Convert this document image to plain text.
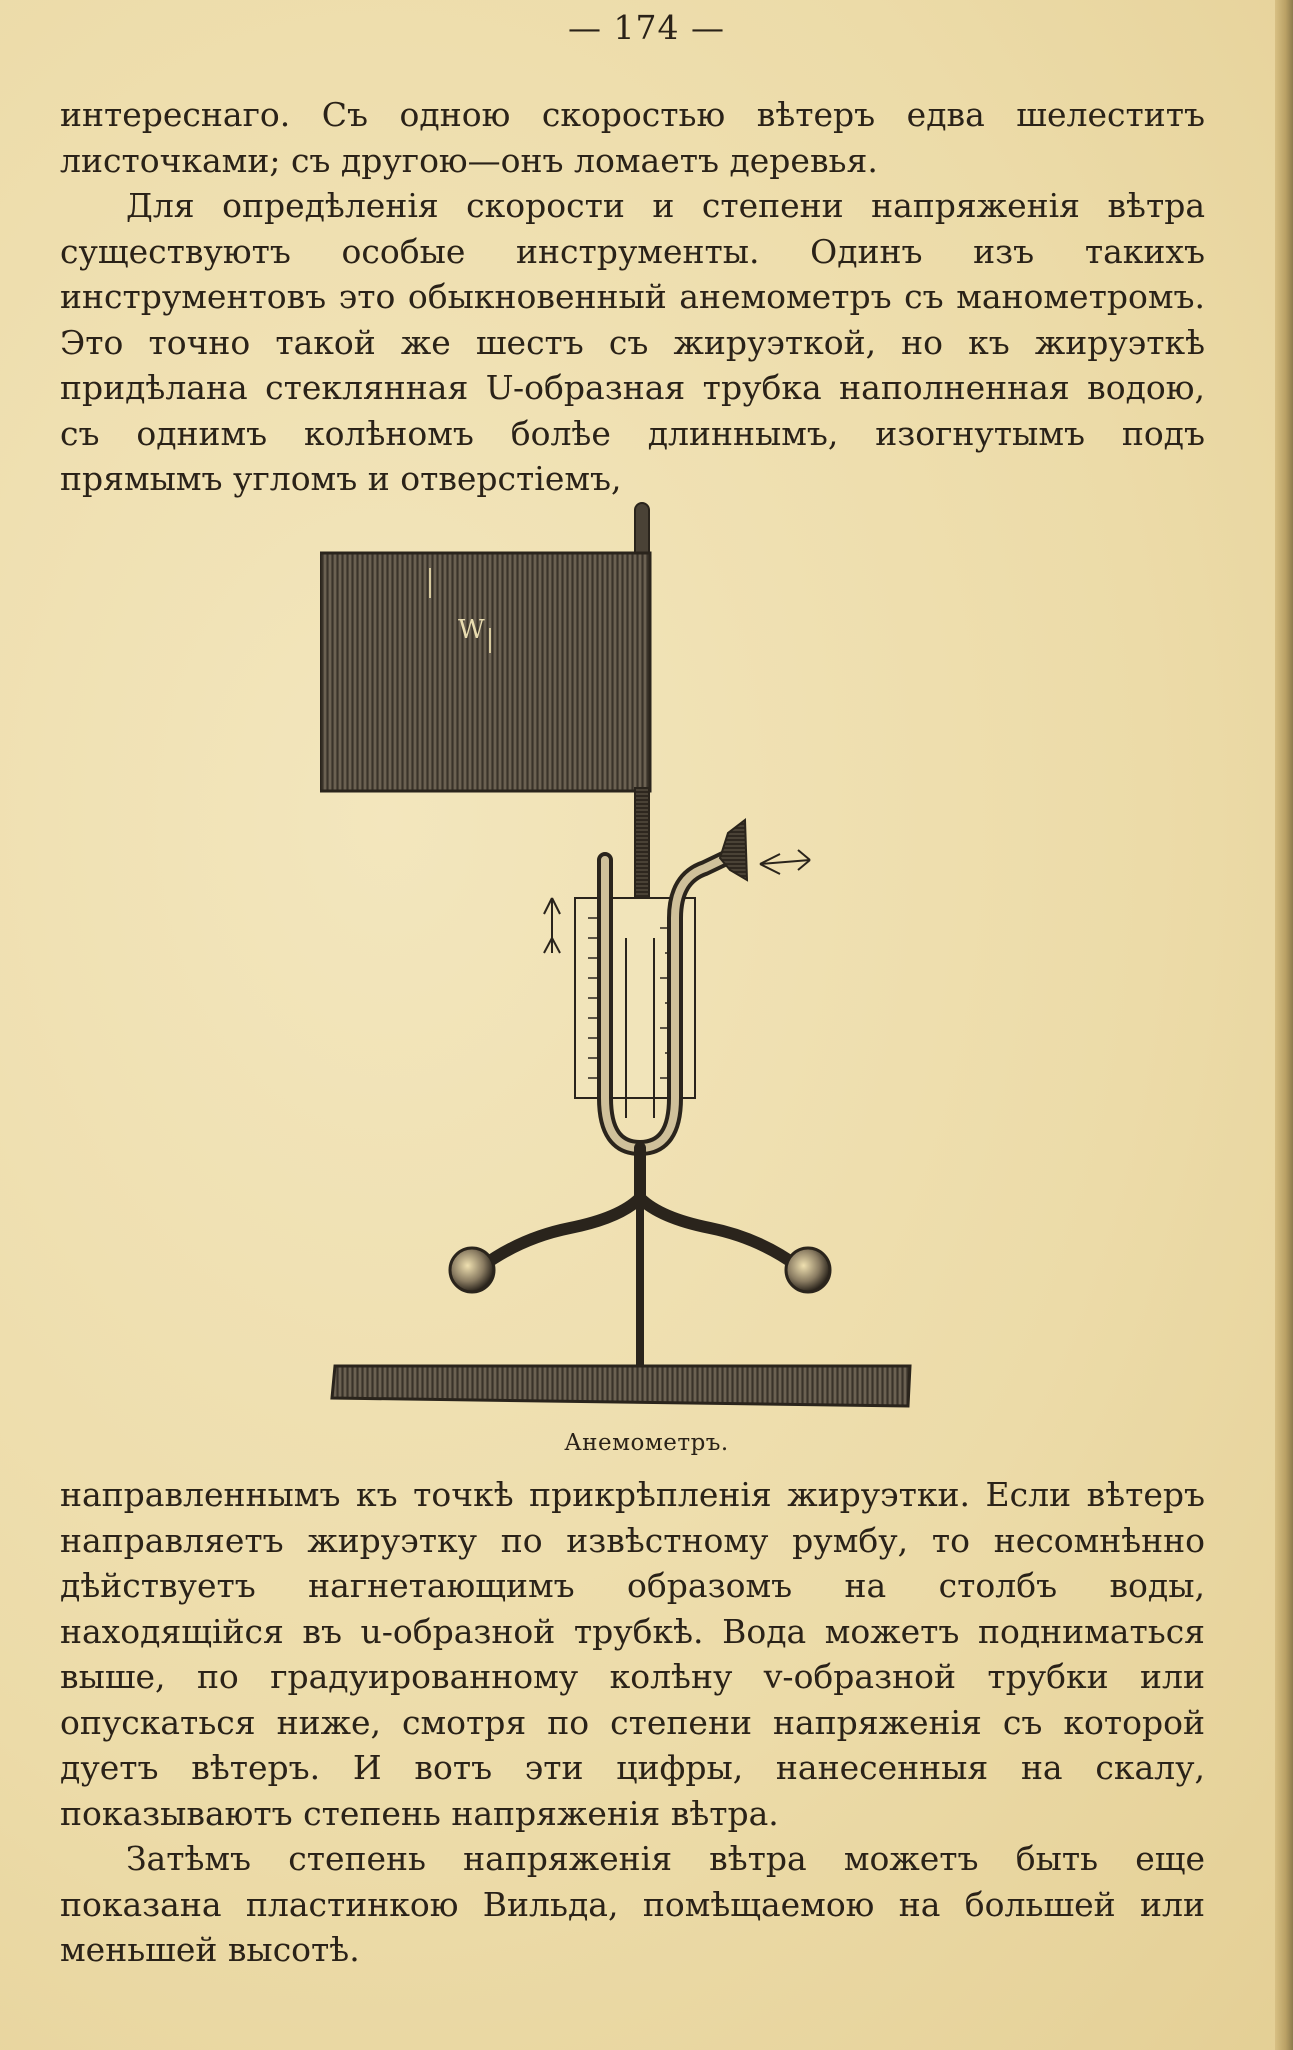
— 174 —

интереснаго. Съ одною скоростью вѣтеръ едва шелеститъ листочками; съ другою—онъ ломаетъ деревья.

Для опредѣленія скорости и степени напряженія вѣтра существуютъ особые инструменты. Одинъ изъ такихъ инструментовъ это обыкновенный анемометръ съ манометромъ. Это точно такой же шестъ съ жируэткой, но къ жируэткѣ придѣлана стеклянная U-образная трубка наполненная водою, съ однимъ колѣномъ болѣе длиннымъ, изогнутымъ подъ прямымъ угломъ и отверстіемъ,

W
Анемометръ.

направленнымъ къ точкѣ прикрѣпленія жируэтки. Если вѣтеръ направляетъ жируэтку по извѣстному румбу, то несомнѣнно дѣйствуетъ нагнетающимъ образомъ на столбъ воды, находящійся въ u-образной трубкѣ. Вода можетъ подниматься выше, по градуированному колѣну v-образной трубки или опускаться ниже, смотря по степени напряженія съ которой дуетъ вѣтеръ. И вотъ эти цифры, нанесенныя на скалу, показываютъ степень напряженія вѣтра.

Затѣмъ степень напряженія вѣтра можетъ быть еще показана пластинкою Вильда, помѣщаемою на большей или меньшей высотѣ.
